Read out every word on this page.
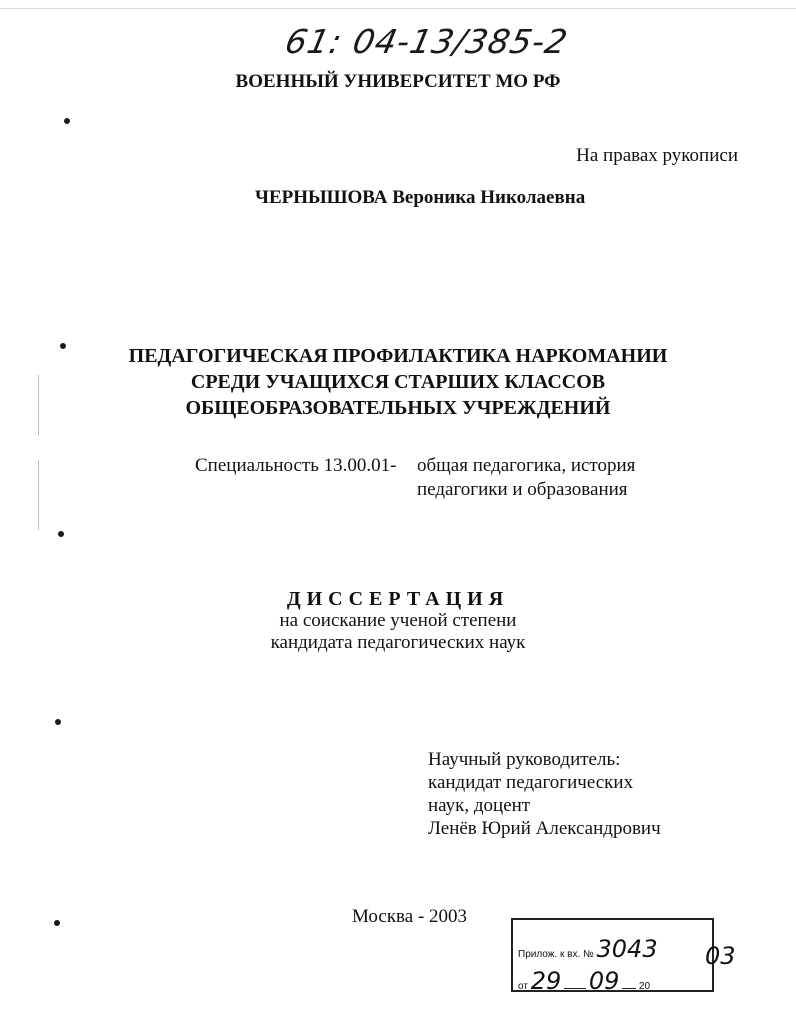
61: 04-13/385-2
ВОЕННЫЙ УНИВЕРСИТЕТ МО РФ
На правах рукописи
ЧЕРНЫШОВА Вероника Николаевна
ПЕДАГОГИЧЕСКАЯ ПРОФИЛАКТИКА НАРКОМАНИИ
СРЕДИ УЧАЩИХСЯ СТАРШИХ КЛАССОВ
ОБЩЕОБРАЗОВАТЕЛЬНЫХ УЧРЕЖДЕНИЙ
Специальность 13.00.01- общая педагогика, история
педагогики и образования
ДИССЕРТАЦИЯ
на соискание ученой степени
кандидата педагогических наук
Научный руководитель:
кандидат педагогических
наук, доцент
Ленёв Юрий Александрович
Москва - 2003
Прилож. к вх. № 3043
от 29 09 20
03
